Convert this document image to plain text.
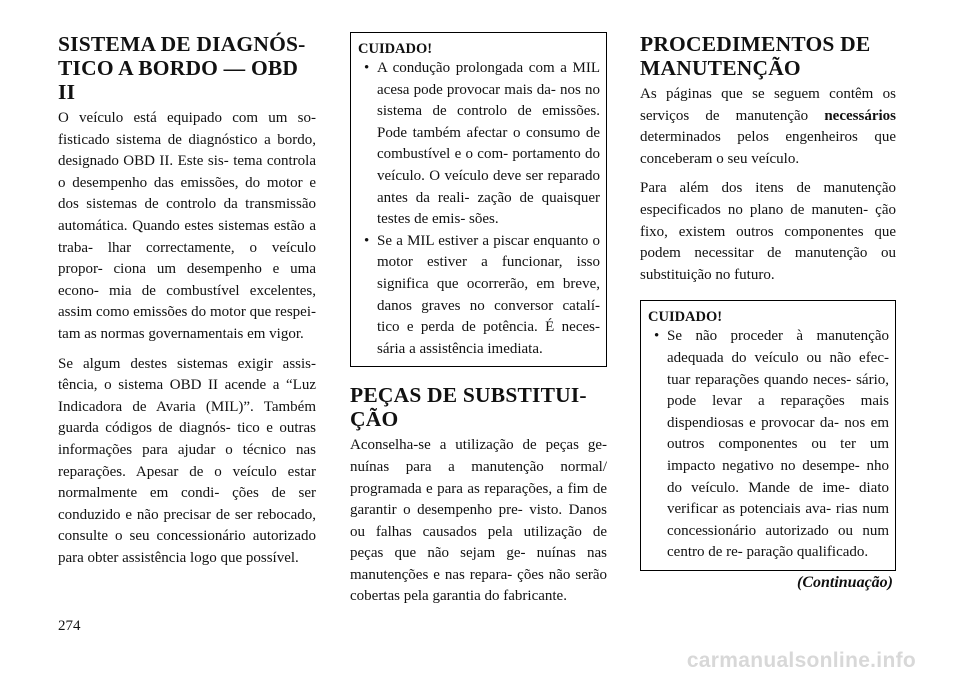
SISTEMA DE DIAGNÓS-
TICO A BORDO — OBD II

O veículo está equipado com um so- fisticado sistema de diagnóstico a bordo, designado OBD II. Este sis- tema controla o desempenho das emissões, do motor e dos sistemas de controlo da transmissão automática. Quando estes sistemas estão a traba- lhar correctamente, o veículo propor- ciona um desempenho e uma econo- mia de combustível excelentes, assim como emissões do motor que respei- tam as normas governamentais em vigor.

Se algum destes sistemas exigir assis- tência, o sistema OBD II acende a “Luz Indicadora de Avaria (MIL)”. Também guarda códigos de diagnós- tico e outras informações para ajudar o técnico nas reparações. Apesar de o veículo estar normalmente em condi- ções de ser conduzido e não precisar de ser rebocado, consulte o seu concessionário autorizado para obter assistência logo que possível.

CUIDADO!
• A condução prolongada com a MIL acesa pode provocar mais da- nos no sistema de controlo de emissões. Pode também afectar o consumo de combustível e o com- portamento do veículo. O veículo deve ser reparado antes da reali- zação de quaisquer testes de emis- sões.
• Se a MIL estiver a piscar enquanto o motor estiver a funcionar, isso significa que ocorrerão, em breve, danos graves no conversor catalí- tico e perda de potência. É neces- sária a assistência imediata.
PEÇAS DE SUBSTITUI-
ÇÃO

Aconselha-se a utilização de peças ge- nuínas para a manutenção normal/ programada e para as reparações, a fim de garantir o desempenho pre- visto. Danos ou falhas causados pela utilização de peças que não sejam ge- nuínas nas manutenções e nas repara- ções não serão cobertas pela garantia do fabricante.

PROCEDIMENTOS DE
MANUTENÇÃO

As páginas que se seguem contêm os serviços de manutenção necessários determinados pelos engenheiros que conceberam o seu veículo.

Para além dos itens de manutenção especificados no plano de manuten- ção fixo, existem outros componentes que podem necessitar de manutenção ou substituição no futuro.

CUIDADO!
• Se não proceder à manutenção adequada do veículo ou não efec- tuar reparações quando neces- sário, pode levar a reparações mais dispendiosas e provocar da- nos em outros componentes ou ter um impacto negativo no desempe- nho do veículo. Mande de ime- diato verificar as potenciais ava- rias num concessionário autorizado ou num centro de re- paração qualificado.
(Continuação)
274
carmanualsonline.info
